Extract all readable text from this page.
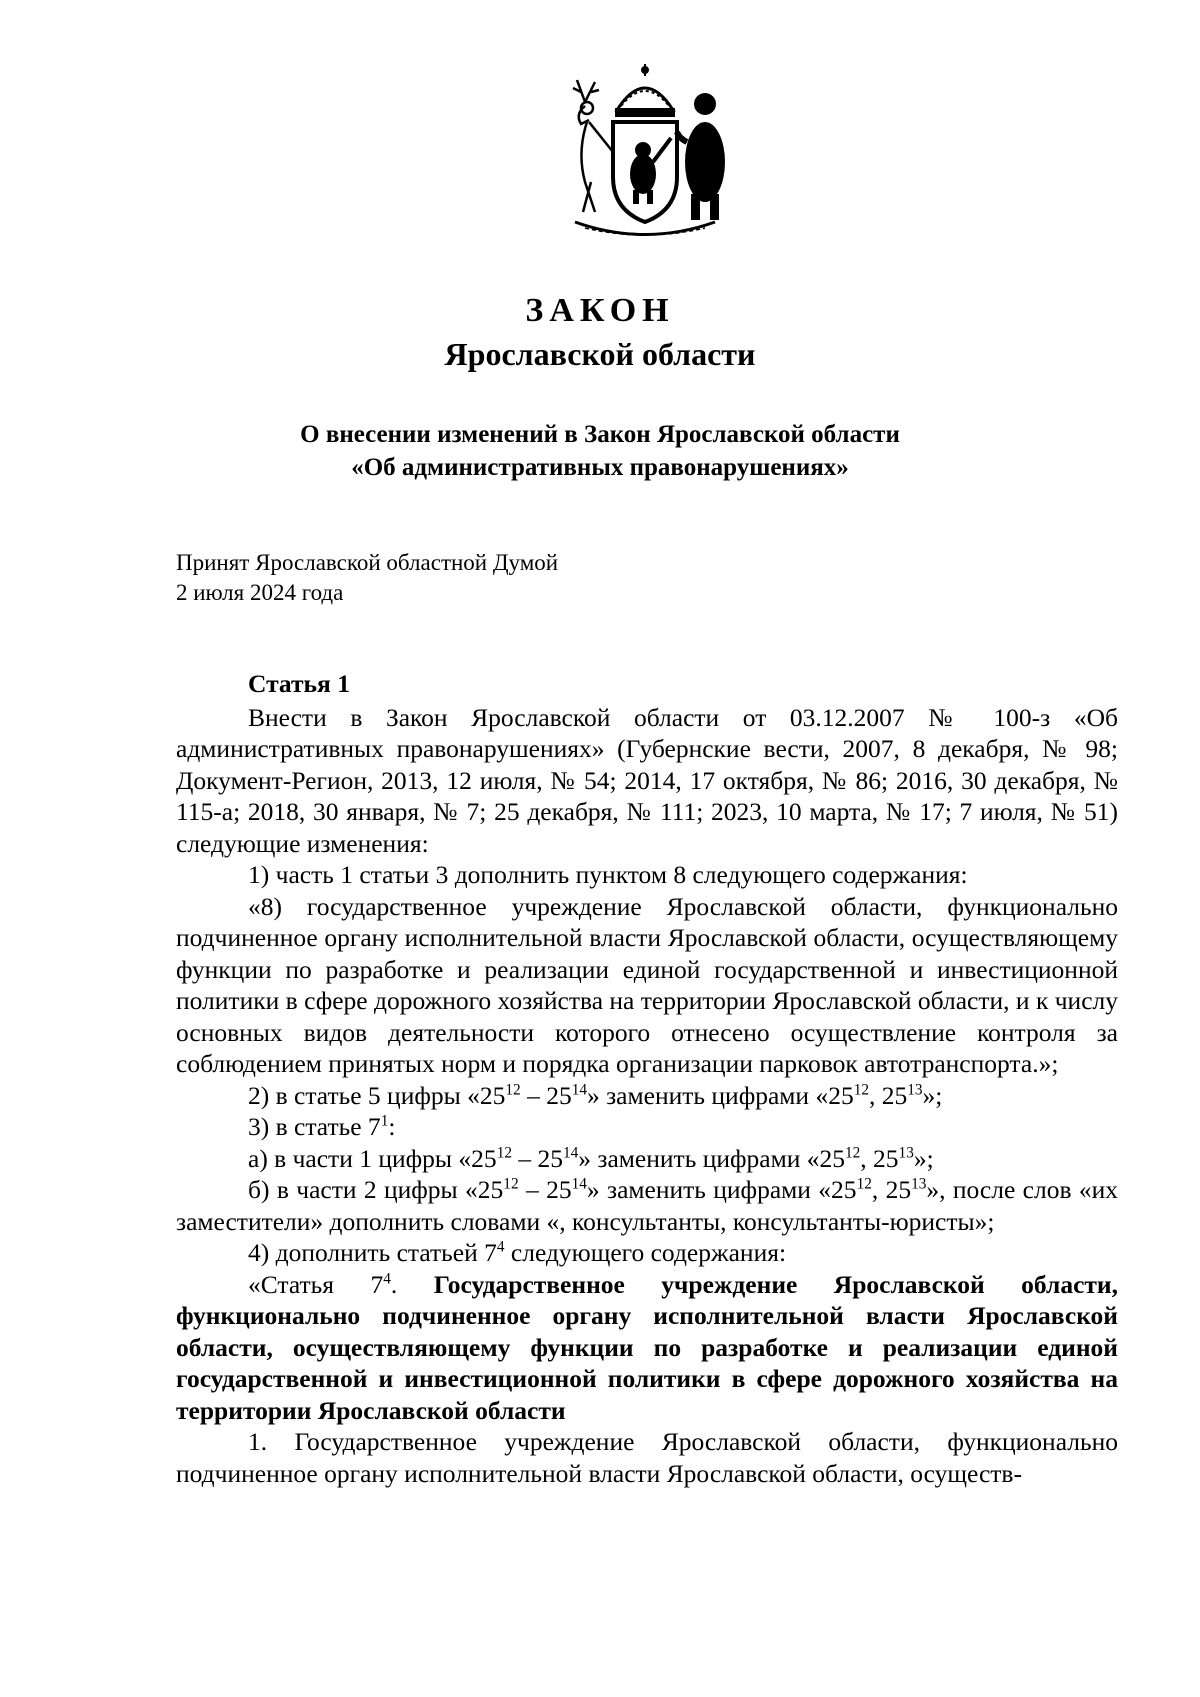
ЗАКОН
Ярославской области
О внесении изменений в Закон Ярославской области
«Об административных правонарушениях»
Принят Ярославской областной Думой
2 июля 2024 года
Статья 1

Внести в Закон Ярославской области от 03.12.2007 № 100-з «Об административных правонарушениях» (Губернские вести, 2007, 8 декабря, № 98; Документ-Регион, 2013, 12 июля, № 54; 2014, 17 октября, № 86; 2016, 30 декабря, № 115-а; 2018, 30 января, № 7; 25 декабря, № 111; 2023, 10 марта, № 17; 7 июля, № 51) следующие изменения:

1) часть 1 статьи 3 дополнить пунктом 8 следующего содержания:

«8) государственное учреждение Ярославской области, функционально подчиненное органу исполнительной власти Ярославской области, осуществляющему функции по разработке и реализации единой государственной и инвестиционной политики в сфере дорожного хозяйства на территории Ярославской области, и к числу основных видов деятельности которого отнесено осуществление контроля за соблюдением принятых норм и порядка организации парковок автотранспорта.»;

2) в статье 5 цифры «$25^{12} - 25^{14}$» заменить цифрами «$25^{12}$, $25^{13}$»;

3) в статье $7^1$:

а) в части 1 цифры «$25^{12} - 25^{14}$» заменить цифрами «$25^{12}$, $25^{13}$»;

б) в части 2 цифры «$25^{12} - 25^{14}$» заменить цифрами «$25^{12}$, $25^{13}$», после слов «их заместители» дополнить словами «, консультанты, консультанты-юристы»;

4) дополнить статьей $7^4$ следующего содержания:

«Статья $7^4$. Государственное учреждение Ярославской области, функционально подчиненное органу исполнительной власти Ярославской области, осуществляющему функции по разработке и реализации единой государственной и инвестиционной политики в сфере дорожного хозяйства на территории Ярославской области

1. Государственное учреждение Ярославской области, функционально подчиненное органу исполнительной власти Ярославской области, осуществ-
